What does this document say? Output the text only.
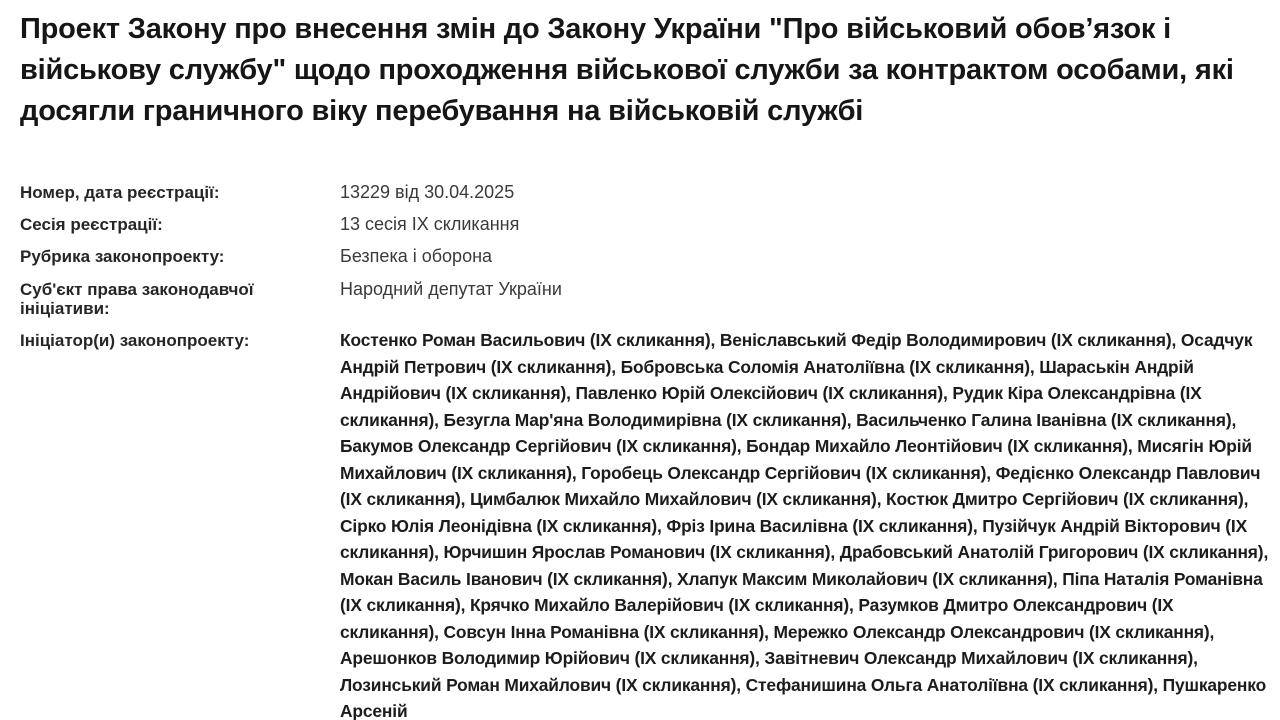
Проект Закону про внесення змін до Закону України "Про військовий обов’язок і військову службу" щодо проходження військової служби за контрактом особами, які досягли граничного віку перебування на військовій службі
Номер, дата реєстрації:	13229 від 30.04.2025
Сесія реєстрації:	13 сесія IX скликання
Рубрика законопроекту:	Безпека і оборона
Суб'єкт права законодавчої ініціативи:
Народний депутат України
Ініціатор(и) законопроекту:	Костенко Роман Васильович (IX скликання), Веніславський Федір Володимирович (IX скликання), Осадчук Андрій Петрович (IX скликання), Бобровська Соломія Анатоліївна (IX скликання), Шараськін Андрій Андрійович (IX скликання), Павленко Юрій Олексійович (IX скликання), Рудик Кіра Олександрівна (IX скликання), Безугла Мар'яна Володимирівна (IX скликання), Васильченко Галина Іванівна (IX скликання), Бакумов Олександр Сергійович (IX скликання), Бондар Михайло Леонтійович (IX скликання), Мисягін Юрій Михайлович (IX скликання), Горобець Олександр Сергійович (IX скликання), Федієнко Олександр Павлович (IX скликання), Цимбалюк Михайло Михайлович (IX скликання), Костюк Дмитро Сергійович (IX скликання), Сірко Юлія Леонідівна (IX скликання), Фріз Ірина Василівна (IX скликання), Пузійчук Андрій Вікторович (IX скликання), Юрчишин Ярослав Романович (IX скликання), Драбовський Анатолій Григорович (IX скликання), Мокан Василь Іванович (IX скликання), Хлапук Максим Миколайович (IX скликання), Піпа Наталія Романівна (IX скликання), Крячко Михайло Валерійович (IX скликання), Разумков Дмитро Олександрович (IX скликання), Совсун Інна Романівна (IX скликання), Мережко Олександр Олександрович (IX скликання), Арешонков Володимир Юрійович (IX скликання), Завітневич Олександр Михайлович (IX скликання), Лозинський Роман Михайлович (IX скликання), Стефанишина Ольга Анатоліївна (IX скликання), Пушкаренко Арсеній
